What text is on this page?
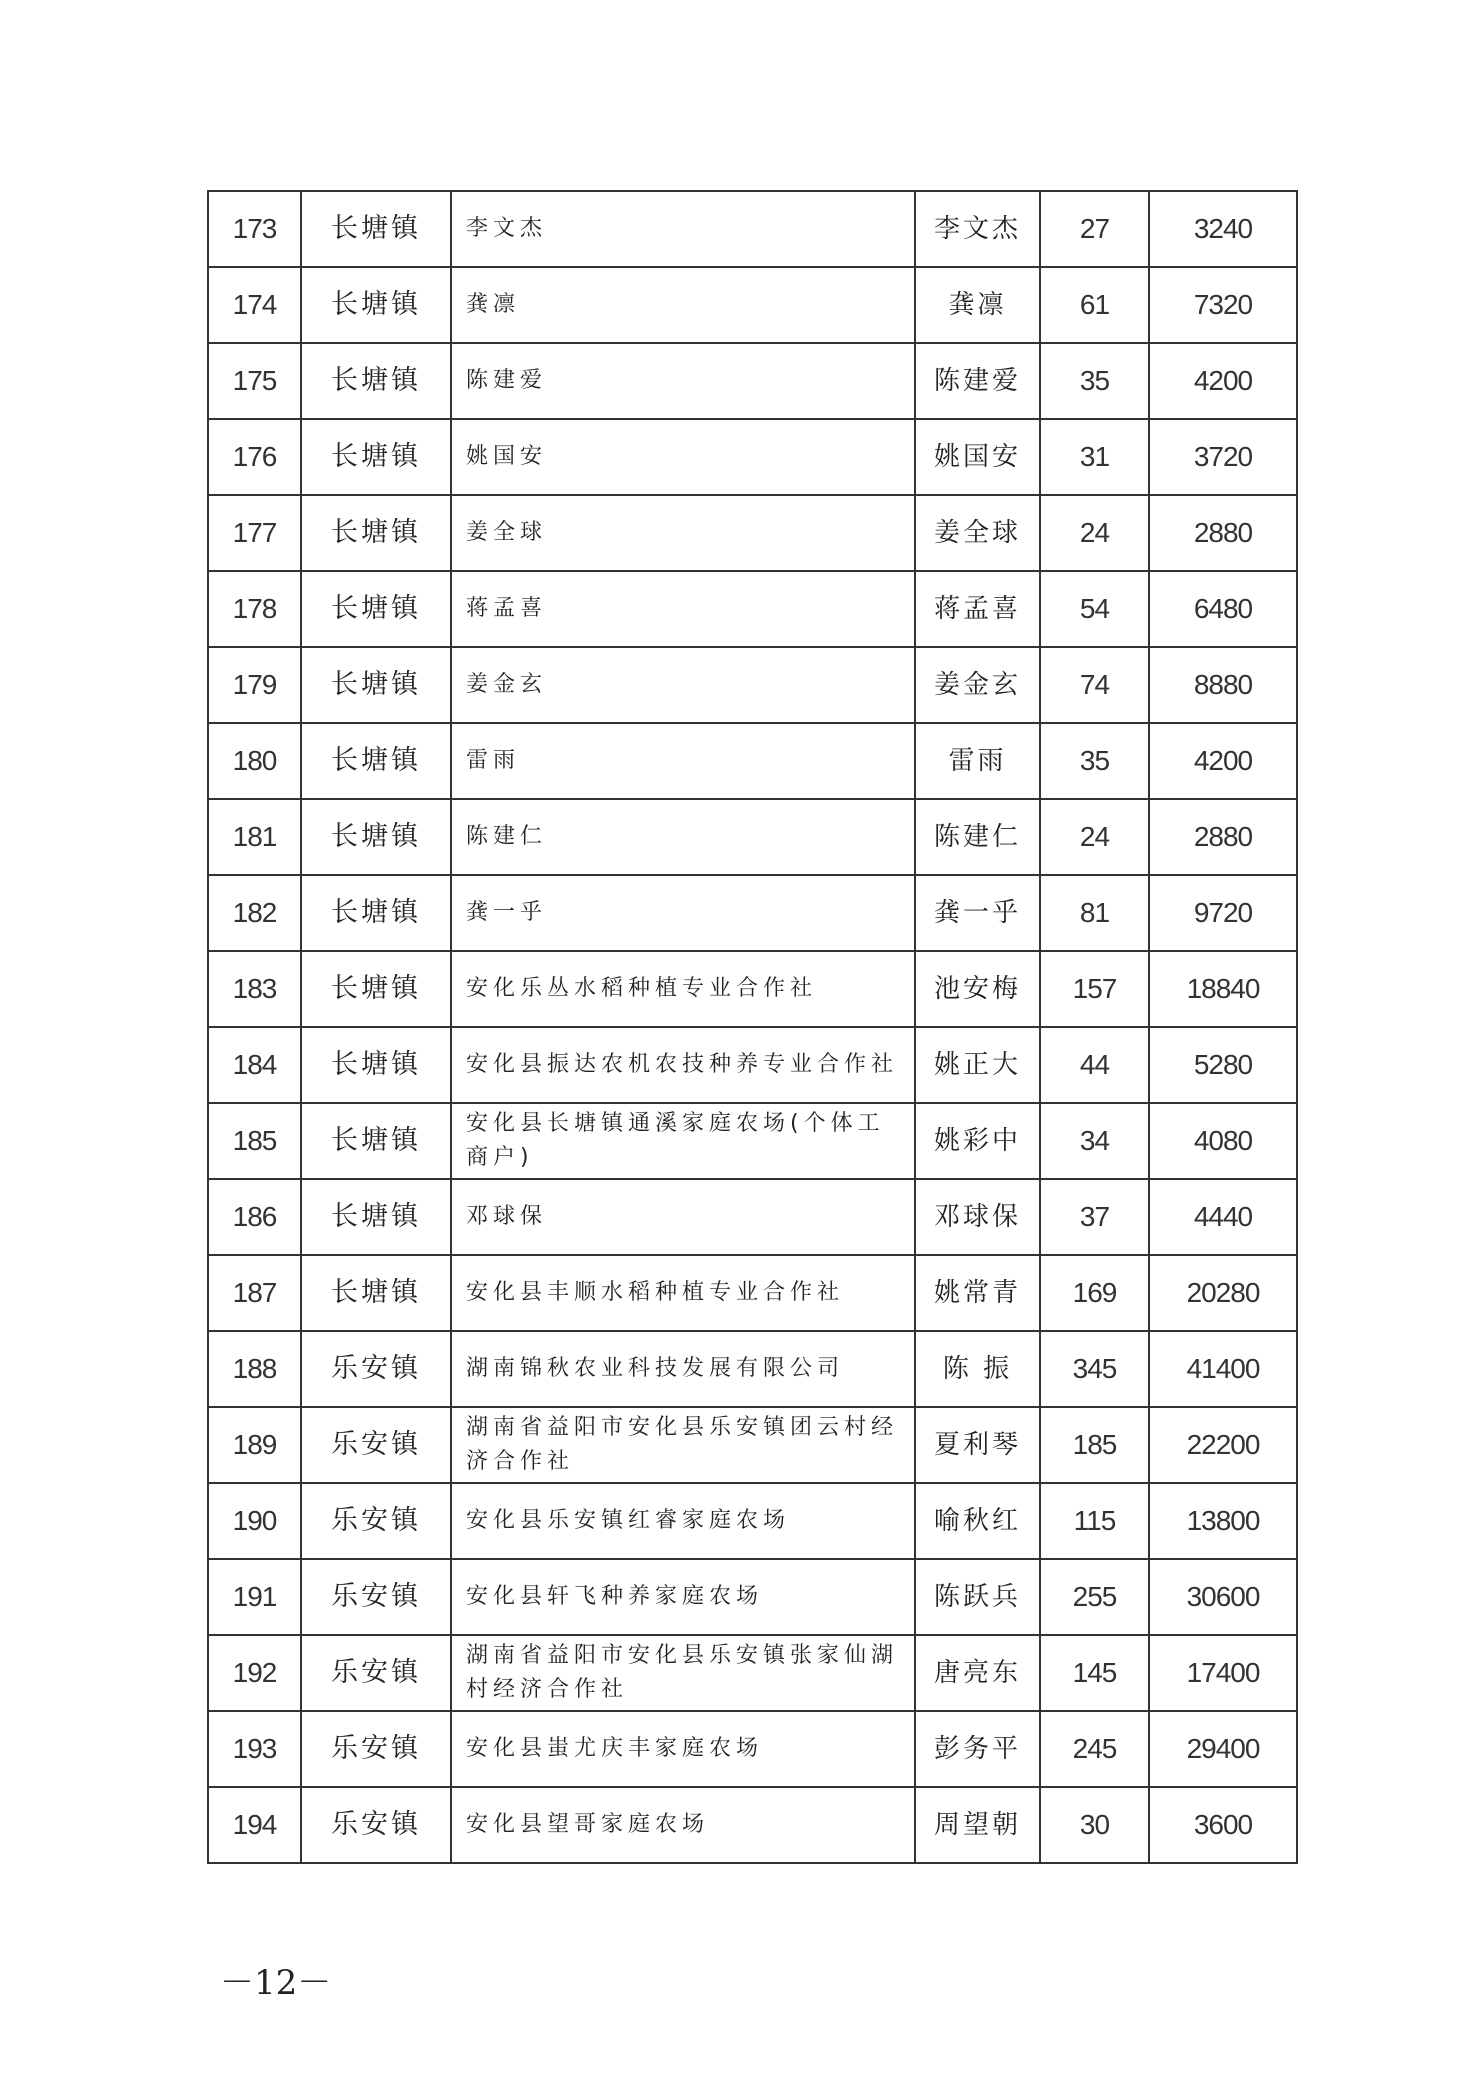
173	长塘镇	李文杰	李文杰	27	3240
174	长塘镇	龚凛	龚凛	61	7320
175	长塘镇	陈建爱	陈建爱	35	4200
176	长塘镇	姚国安	姚国安	31	3720
177	长塘镇	姜全球	姜全球	24	2880
178	长塘镇	蒋孟喜	蒋孟喜	54	6480
179	长塘镇	姜金玄	姜金玄	74	8880
180	长塘镇	雷雨	雷雨	35	4200
181	长塘镇	陈建仁	陈建仁	24	2880
182	长塘镇	龚一乎	龚一乎	81	9720
183	长塘镇	安化乐丛水稻种植专业合作社	池安梅	157	18840
184	长塘镇	安化县振达农机农技种养专业合作社	姚正大	44	5280
185	长塘镇	安化县长塘镇通溪家庭农场(个体工商户)	姚彩中	34	4080
186	长塘镇	邓球保	邓球保	37	4440
187	长塘镇	安化县丰顺水稻种植专业合作社	姚常青	169	20280
188	乐安镇	湖南锦秋农业科技发展有限公司	陈 振	345	41400
189	乐安镇	湖南省益阳市安化县乐安镇团云村经济合作社	夏利琴	185	22200
190	乐安镇	安化县乐安镇红睿家庭农场	喻秋红	115	13800
191	乐安镇	安化县轩飞种养家庭农场	陈跃兵	255	30600
192	乐安镇	湖南省益阳市安化县乐安镇张家仙湖村经济合作社	唐亮东	145	17400
193	乐安镇	安化县蚩尤庆丰家庭农场	彭务平	245	29400
194	乐安镇	安化县望哥家庭农场	周望朝	30	3600
－12－
